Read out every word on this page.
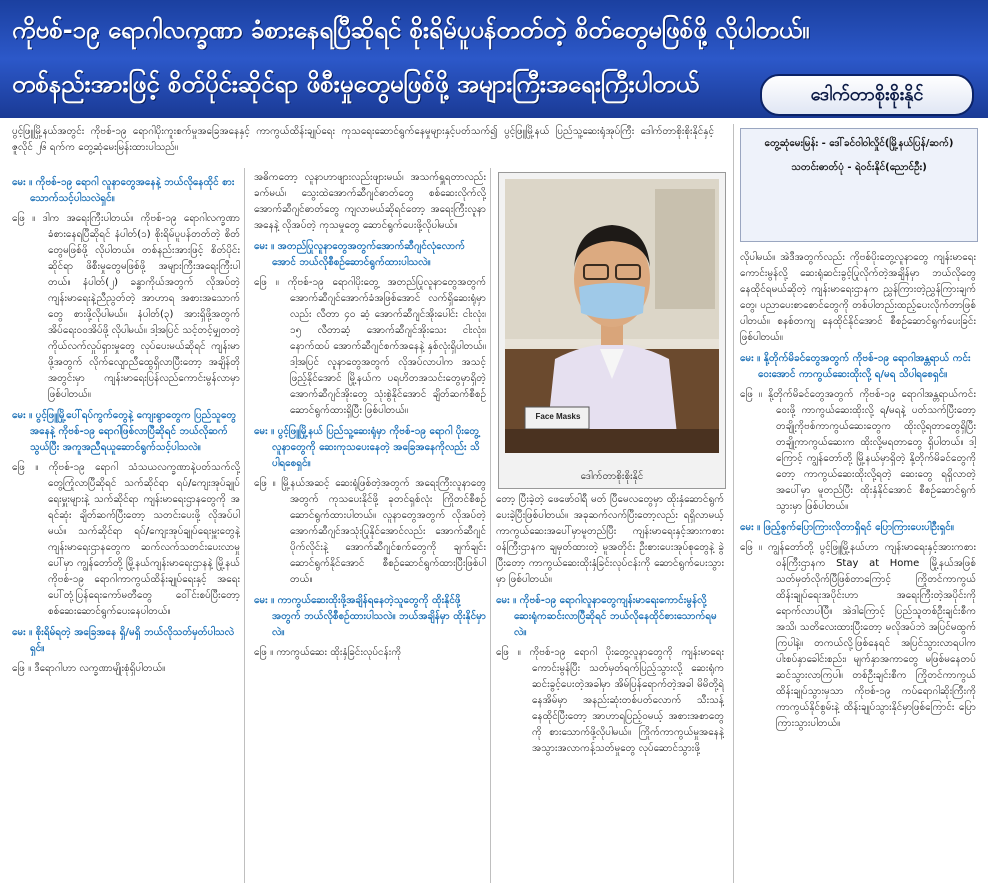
ကိုဗစ်-၁၉ ရောဂါလက္ခဏာ ခံစားနေရပြီဆိုရင် စိုးရိမ်ပူပန်တတ်တဲ့ စိတ်တွေမဖြစ်ဖို့ လိုပါတယ်။
တစ်နည်းအားဖြင့် စိတ်ပိုင်းဆိုင်ရာ ဖိစီးမှုတွေမဖြစ်ဖို့ အများကြီးအရေးကြီးပါတယ်	ဒေါက်တာစိုးစိုးနိုင်
ပွင့်ဖြူမြို့နယ်အတွင်း ကိုဗစ်-၁၉ ရောဂါပိုးကူးစက်မှုအခြေအနေနှင့် ကာကွယ်ထိန်းချုပ်ရေး ကုသရေးဆောင်ရွက်နေမှုများနှင့်ပတ်သက်၍ ပွင့်ဖြူမြို့နယ် ပြည်သူ့ဆေးရုံအုပ်ကြီး ဒေါက်တာစိုးစိုးနိုင်နှင့် ဇူလိုင် ၂၆ ရက်က တွေ့ဆုံမေးမြန်းထားပါသည်။

မေး ။ ကိုဗစ်-၁၉ ရောဂါ လူနာတွေအနေနဲ့ ဘယ်လိုနေထိုင် စားသောက်သင့်ပါသလဲရှင်။

ဖြေ ။ ဒါက အရေးကြီးပါတယ်။ ကိုဗစ်-၁၉ ရောဂါလက္ခဏာ ခံစားနေရပြီဆိုရင် နံပါတ်(၁) စိုးရိမ်ပူပန်တတ်တဲ့ စိတ်တွေမဖြစ်ဖို့ လိုပါတယ်။ တစ်နည်းအားဖြင့် စိတ်ပိုင်းဆိုင်ရာ ဖိစီးမှုတွေမဖြစ်ဖို့ အများကြီးအရေးကြီးပါတယ်။ နံပါတ်(၂) ခန္ဓာကိုယ်အတွက် လိုအပ်တဲ့ကျန်းမာရေးနဲ့ညီညွတ်တဲ့ အာဟာရ အစားအသောက်တွေ စားဖို့လိုပါမယ်။ နံပါတ်(၃) အားရှိဖို့အတွက် အိပ်ရေးဝဝအိပ်ဖို့ လိုပါမယ်။ ဒါ့အပြင် သင့်တင့်မျှတတဲ့ ကိုယ်လက်လှုပ်ရှားမှုတွေ လုပ်ပေးမယ်ဆိုရင် ကျန်းမာဖို့အတွက် လိုက်လျောညီထွေရှိလာပြီးတော့ အချိန်တိုအတွင်းမှာ ကျန်းမာရေးပြန်လည်ကောင်းမွန်လာမှာ ဖြစ်ပါတယ်။

မေး ။ ပွင့်ဖြူမြို့ပေါ်ရပ်ကွက်တွေနဲ့ ကျေးရွာတွေက ပြည်သူတွေအနေနဲ့ ကိုဗစ်-၁၉ ရောဂါဖြစ်လာပြီဆိုရင် ဘယ်လိုဆက်သွယ်ပြီး အကူအညီရယူဆောင်ရွက်သင့်ပါသလဲ။

ဖြေ ။ ကိုဗစ်-၁၉ ရောဂါ သံသယလက္ခဏာနဲ့ပတ်သက်လို့ တွေ့ကြုံလာပြီဆိုရင် သက်ဆိုင်ရာ ရပ်/ကျေးအုပ်ချုပ်ရေးမှူးများနဲ့ သက်ဆိုင်ရာ ကျန်းမာရေးဌာနတွေကို အရင်ဆုံး ချိတ်ဆက်ပြီးတော့ သတင်းပေးဖို့ လိုအပ်ပါမယ်။ သက်ဆိုင်ရာ ရပ်/ကျေးအုပ်ချုပ်ရေးမှူးတွေနဲ့ ကျန်းမာရေးဌာနတွေက ဆက်လက်သတင်းပေးလာမှုပေါ်မှာ ကျွန်တော်တို့ မြို့နယ်ကျန်းမာရေးဌာနနဲ့ မြို့နယ်ကိုဗစ်-၁၉ ရောဂါကာကွယ်ထိန်းချုပ်ရေးနှင့် အရေးပေါ်တုံ့ပြန်ရေးကော်မတီတွေ ဝေါ်င်းစပ်ပြီးတော့ စစ်ဆေးဆောင်ရွက်ပေးနေပါတယ်။

မေး ။ စိုးရိမ်ရတဲ့ အခြေအနေ ရှိ/မရှိ ဘယ်လိုသတ်မှတ်ပါသလဲရှင်။

ဖြေ ။ ဒီရောဂါဟာ လက္ခဏာမျိုးစုံရှိပါတယ်။

အဓိကတော့ လူနာဟာဖျားလည်းဖျားမယ်၊ အသက်ရှူရတာလည်း ခက်မယ်၊ သွေးထဲအောက်ဆီဂျင်ဓာတ်တွေ စစ်ဆေးလိုက်လို့ အောက်ဆီဂျင်ဓာတ်တွေ ကျလာမယ်ဆိုရင်တော့ အရေးကြီးလူနာအနေနဲ့ လိုအပ်တဲ့ ကုသမှုတွေ ဆောင်ရွက်ပေးဖို့လိုပါမယ်။

မေး ။ အတည်ပြုလူနာတွေအတွက်အောက်ဆီဂျင်လုံလောက်အောင် ဘယ်လိုစီစဉ်ဆောင်ရွက်ထားပါသလဲ။

ဖြေ ။ ကိုဗစ်-၁၉ ရောဂါပိုးတွေ့ အတည်ပြုလူနာတွေအတွက် အောက်ဆီဂျင်အောက်ခံအဖြစ်အောင် လက်ရှိဆေးရုံမှာလည်း လီတာ ၄၀ ဆံ့ အောက်ဆီဂျင်အိုးပေါင်း ငါးလုံး၊ ၁၅ လီတာဆံ့ အောက်ဆီဂျင်အိုးသေး ငါးလုံး၊ နောက်ထပ် အောက်ဆီဂျင်စက်အနေနဲ့ နှစ်လုံးရှိပါတယ်။ ဒါ့အပြင် လူနာတွေအတွက် လိုအပ်လာပါက အသင့်ဖြည့်နိုင်အောင် မြို့နယ်က ပရဟိတအသင်းတွေမှာရှိတဲ့ အောက်ဆီဂျင်အိုးတွေ သုံးစွဲနိုင်အောင် ချိတ်ဆက်စီစဉ် ဆောင်ရွက်ထားရှိပြီး ဖြစ်ပါတယ်။

မေး ။ ပွင့်ဖြူမြို့နယ် ပြည်သူ့ဆေးရုံမှာ ကိုဗစ်-၁၉ ရောဂါ ပိုးတွေ့လူနာတွေကို ဆေးကုသပေးနေတဲ့ အခြေအနေကိုလည်း သိပါရစေရှင်။

ဖြေ ။ မြို့နယ်အဆင့် ဆေးရုံဖြစ်တဲ့အတွက် အရေးကြီးလူနာတွေအတွက် ကုသပေးနိုင်ဖို့ ခုတင်ရှစ်လုံး ကြိုတင်စီစဉ်ဆောင်ရွက်ထားပါတယ်။ လူနာတွေအတွက် လိုအပ်တဲ့အောက်ဆီဂျင်အသုံးပြုနိုင်အောင်လည်း အောက်ဆီဂျင်ပိုက်လိုင်းနဲ့ အောက်ဆီဂျင်စက်တွေကို ချက်ချင်းဆောင်ရွက်နိုင်အောင် စီစဉ်ဆောင်ရွက်ထားပြီးဖြစ်ပါတယ်။

မေး ။ ကာကွယ်ဆေးထိုးဖို့အချိန်ရနေတဲ့သူတွေကို ထိုးနိုင်ဖို့အတွက် ဘယ်လိုစီစဉ်ထားပါသလဲ။ ဘယ်အချိန်မှာ ထိုးနိုင်မှာလဲ။

ဖြေ ။ ကာကွယ်ဆေး ထိုးနှံခြင်းလုပ်ငန်းကို

Face Masks
ဒေါက်တာစိုးစိုးနိုင်

တော့ ပြီးခဲ့တဲ့ ဖေဖော်ဝါရီ မတ် ပြီမေလတွေမှာ ထိုးနှံဆောင်ရွက်ပေးခဲ့ပြီးဖြစ်ပါတယ်။ အခုဆက်လက်ပြီးတော့လည်း ရရှိလာမယ့် ကာကွယ်ဆေးအပေါ်မှာမူတည်ပြီး ကျန်းမာရေးနှင့်အားကစားဝန်ကြီးဌာနက ချမှတ်ထားတဲ့ မူအတိုင်း ဦးစားပေးအုပ်စုတွေနဲ့ ခွဲပြီးတော့ ကာကွယ်ဆေးထိုးနှံခြင်းလုပ်ငန်းကို ဆောင်ရွက်ပေးသွားမှာ ဖြစ်ပါတယ်။

မေး ။ ကိုဗစ်-၁၉ ရောဂါလူနာတွေကျန်းမာရေးကောင်းမွန်လို့ ဆေးရုံကဆင်းလာပြီဆိုရင် ဘယ်လိုနေထိုင်စားသောက်ရမလဲ။

ဖြေ ။ ကိုဗစ်-၁၉ ရောဂါ ပိုးတွေ့လူနာတွေကို ကျန်းမာရေးကောင်းမွန်ပြီး သတ်မှတ်ရက်ပြည့်သွားလို့ ဆေးရုံက ဆင်းခွင့်ပေးတဲ့အခါမှာ အိမ်ပြန်ရောက်တဲ့အခါ မိမိတို့ရဲ့နေအိမ်မှာ အနည်းဆုံးတစ်ပတ်လောက် သီးသန့်နေထိုင်ပြီးတော့ အာဟာရပြည့်ဝမယ့် အစားအစာတွေကို စားသောက်ဖို့လိုပါမယ်။ ကြိုက်ကာကွယ်မှုအနေနဲ့ အသွားအလာကန့်သတ်မှုတွေ လုပ်ဆောင်သွားဖို့

တွေ့ဆုံမေးမြန်း - ဒေါ်ခင်ဝါဝါလှိုင်(မြို့နယ်ပြန်/ဆက်)
သတင်းဓာတ်ပုံ - ရဲဝင်းနိုင်(ညောင်ဦး)

လိုပါမယ်။ အဲဒီအတွက်လည်း ကိုဗစ်ပိုးတွေ့လူနာတွေ ကျန်းမာရေးကောင်းမွန်လို့ ဆေးရုံဆင်းခွင့်ပြုလိုက်တဲ့အချိန်မှာ ဘယ်လိုတွေ နေထိုင်ရမယ်ဆိုတဲ့ ကျန်းမာရေးဌာနက ညွှန်ကြားတဲ့ညွှန်ကြားချက်တွေ၊ ပညာပေးစာစောင်တွေကို တစ်ပါတည်းထည့်ပေးလိုက်တာဖြစ်ပါတယ်။ စနစ်တကျ နေထိုင်နိုင်အောင် စီစဉ်ဆောင်ရွက်ပေးခြင်း ဖြစ်ပါတယ်။

မေး ။ နို့တိုက်မိခင်တွေအတွက် ကိုဗစ်-၁၉ ရောဂါအန္တရာယ် ကင်းဝေးအောင် ကာကွယ်ဆေးထိုးလို့ ရ/မရ သိပါရစေရှင်။

ဖြေ ။ နို့တိုက်မိခင်တွေအတွက် ကိုဗစ်-၁၉ ရောဂါအန္တရာယ်ကင်းဝေးဖို့ ကာကွယ်ဆေးထိုးလို့ ရ/မရနဲ့ ပတ်သက်ပြီးတော့ တချို့ကိုဗစ်ကာကွယ်ဆေးတွေက ထိုးလို့ရတာတွေရှိပြီး တချို့ကာကွယ်ဆေးက ထိုးလို့မရတာတွေ ရှိပါတယ်။ ဒါ့ကြောင့် ကျွန်တော်တို့ မြို့နယ်မှာရှိတဲ့ နို့တိုက်မိခင်တွေကိုတော့ ကာကွယ်ဆေးထိုးလို့ရတဲ့ ဆေးတွေ ရရှိလာတဲ့အပေါ်မှာ မူတည်ပြီး ထိုးနှံနိုင်အောင် စီစဉ်ဆောင်ရွက်သွားမှာ ဖြစ်ပါတယ်။

မေး ။ ဖြည့်စွက်ပြောကြားလိုတာရှိရင် ပြောကြားပေးပါဦးရှင်။

ဖြေ ။ ကျွန်တော်တို့ ပွင့်ဖြူမြို့နယ်ဟာ ကျန်းမာရေးနှင့်အားကစားဝန်ကြီးဌာနက Stay at Home မြို့နယ်အဖြစ် သတ်မှတ်လိုက်ပြီဖြစ်တာကြောင့် ကြိုတင်ကာကွယ်ထိန်းချုပ်ရေးအပိုင်းဟာ အရေးကြီးတဲ့အပိုင်းကို ရောက်လာပါပြီ။ အဲဒါကြောင့် ပြည်သူတစ်ဦးချင်းစီက အသိ၊ သတိလေးထားပြီးတော့ မလိုအပ်ဘဲ အပြင်မထွက်ကြပါနဲ့။ တကယ်လို့ဖြစ်နေရင် အပြင်သွားလာရပါက ပါးစပ်နှာခေါင်းစည်း၊ မျက်နှာအကာတွေ မဖြစ်မနေတပ်ဆင်သွားလာကြပါ။ တစ်ဦးချင်းစီက ကြိုတင်ကာကွယ်ထိန်းချုပ်သွားမှသာ ကိုဗစ်-၁၉ ကပ်ရောဂါဆိုးကြီးကို ကာကွယ်နိုင်စွမ်းနဲ့ ထိန်းချုပ်သွားနိုင်မှာဖြစ်ကြောင်း ပြောကြားသွားပါတယ်။
